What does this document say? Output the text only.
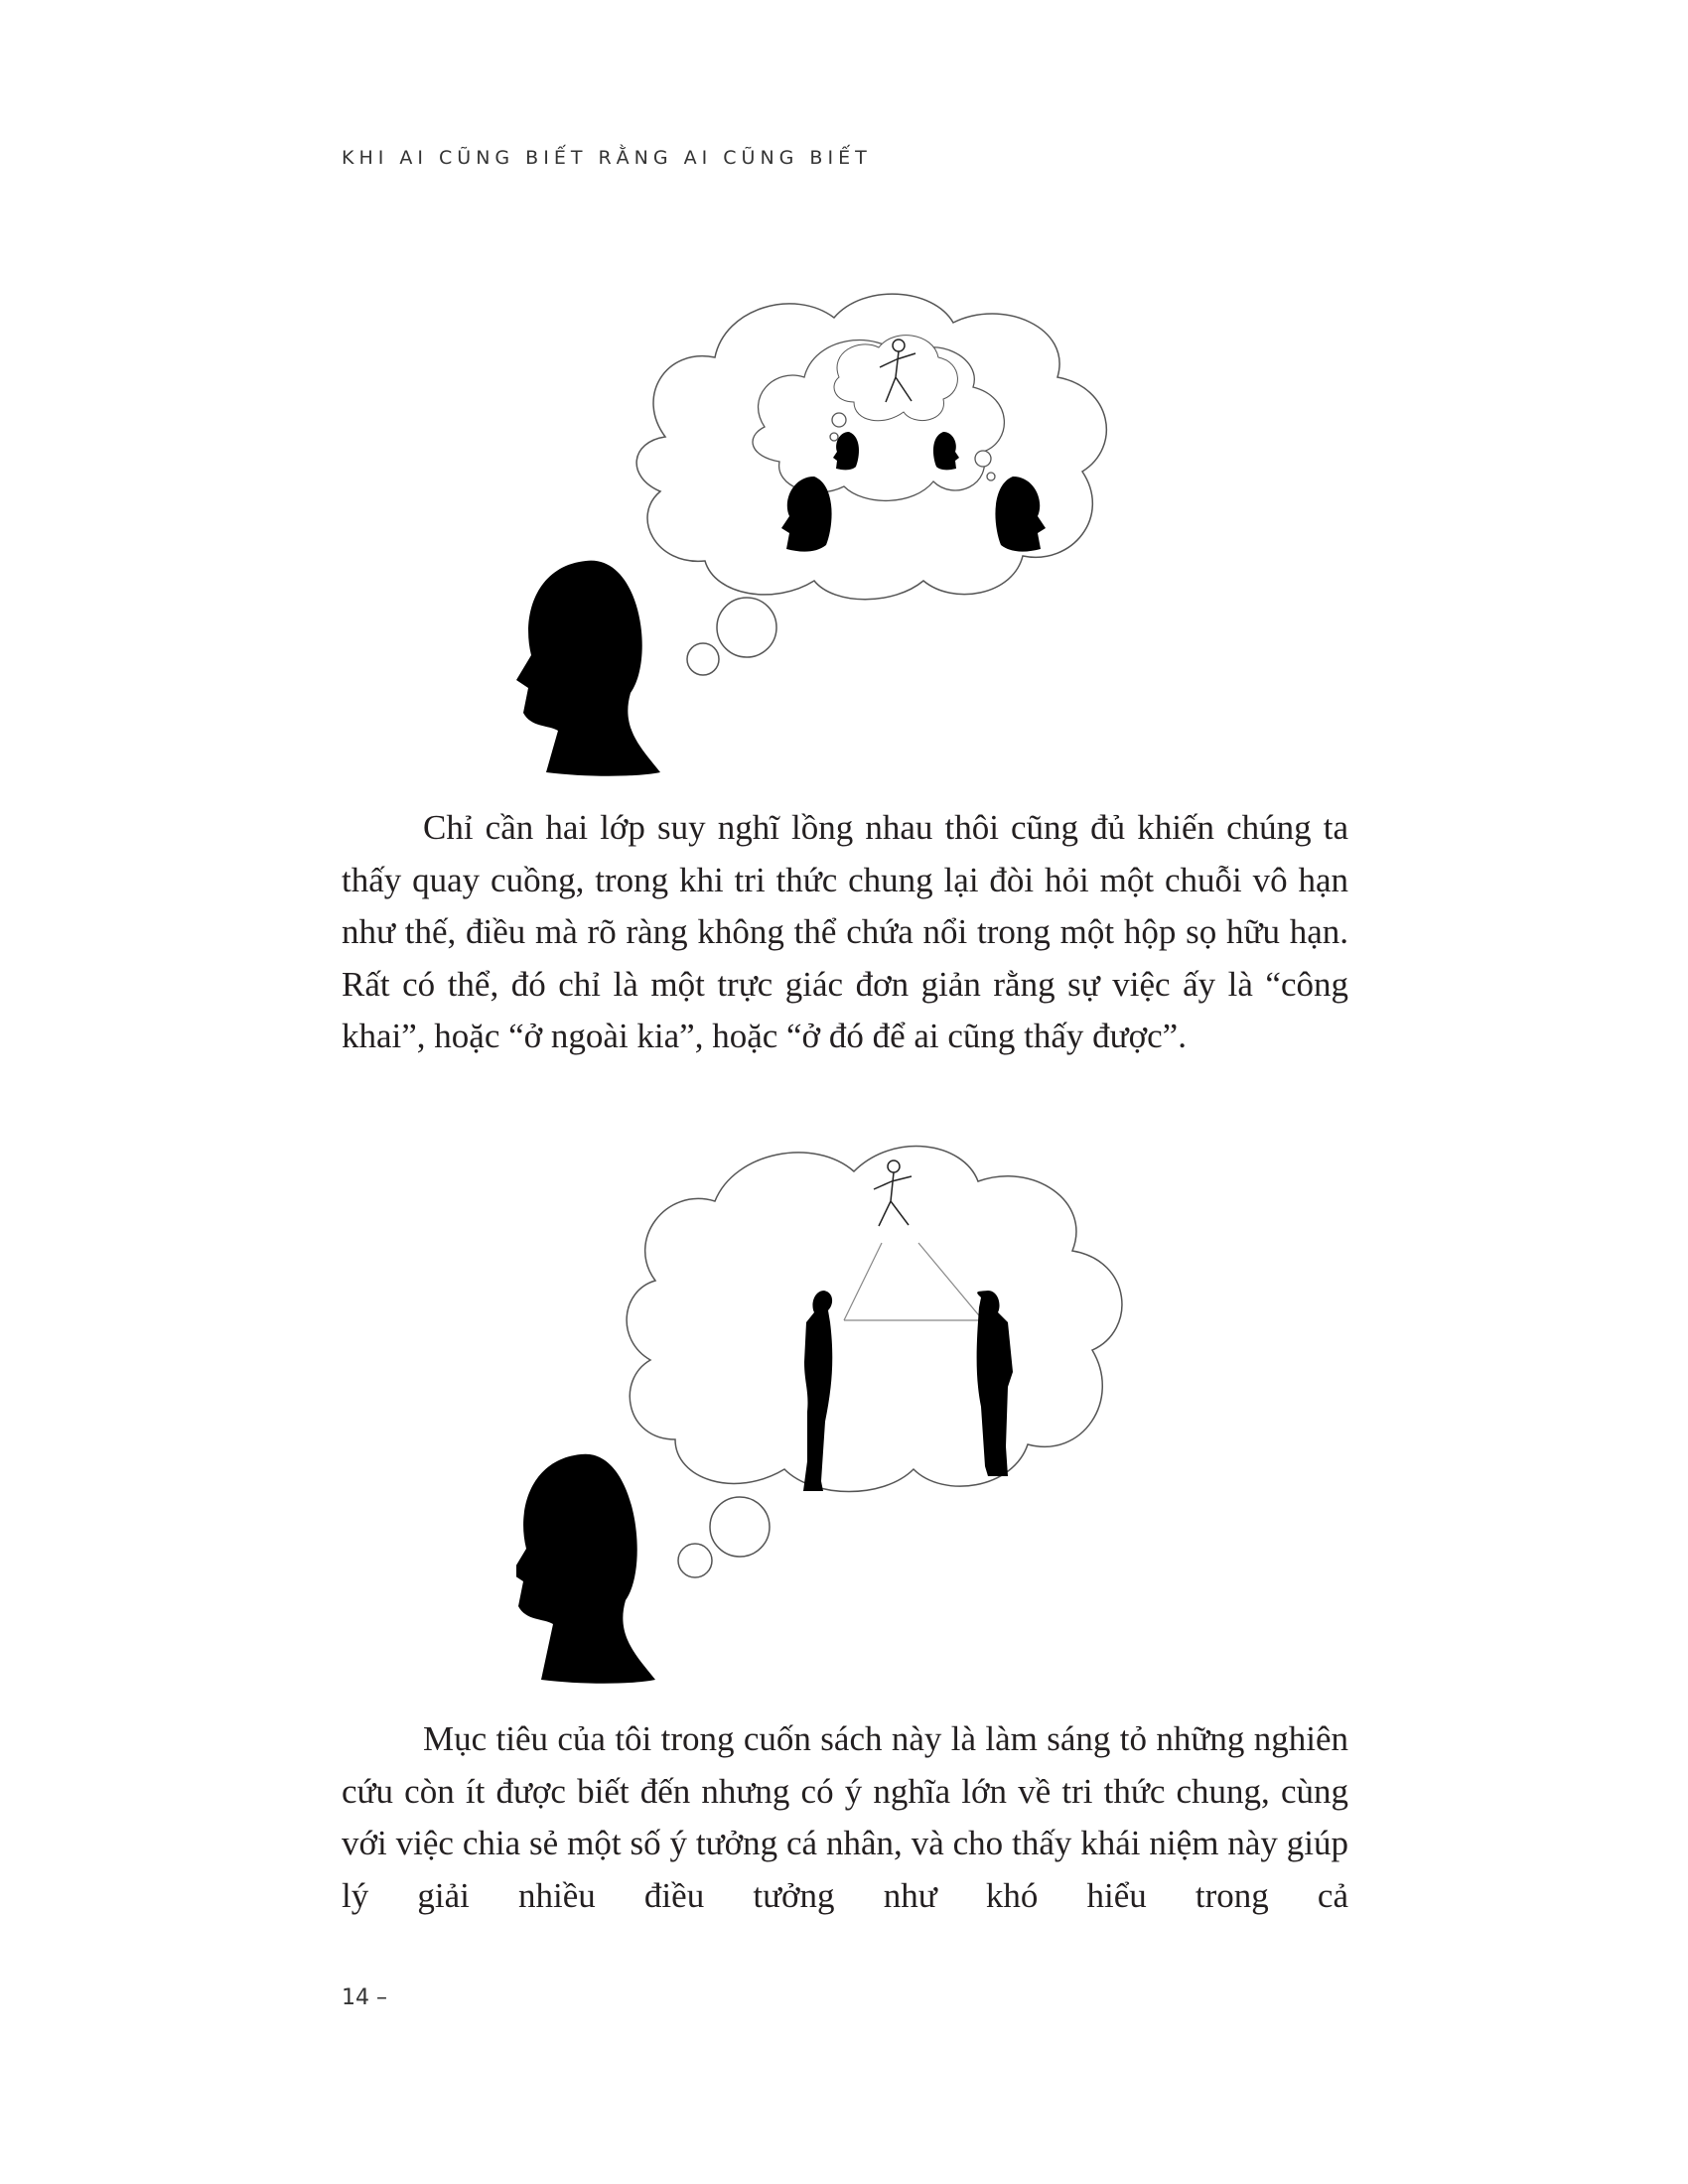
KHI AI CŨNG BIẾT RẰNG AI CŨNG BIẾT

Chỉ cần hai lớp suy nghĩ lồng nhau thôi cũng đủ khiến chúng ta thấy quay cuồng, trong khi tri thức chung lại đòi hỏi một chuỗi vô hạn như thế, điều mà rõ ràng không thể chứa nổi trong một hộp sọ hữu hạn. Rất có thể, đó chỉ là một trực giác đơn giản rằng sự việc ấy là “công khai”, hoặc “ở ngoài kia”, hoặc “ở đó để ai cũng thấy được”.

Mục tiêu của tôi trong cuốn sách này là làm sáng tỏ những nghiên cứu còn ít được biết đến nhưng có ý nghĩa lớn về tri thức chung, cùng với việc chia sẻ một số ý tưởng cá nhân, và cho thấy khái niệm này giúp lý giải nhiều điều tưởng như khó hiểu trong cả

14 –
